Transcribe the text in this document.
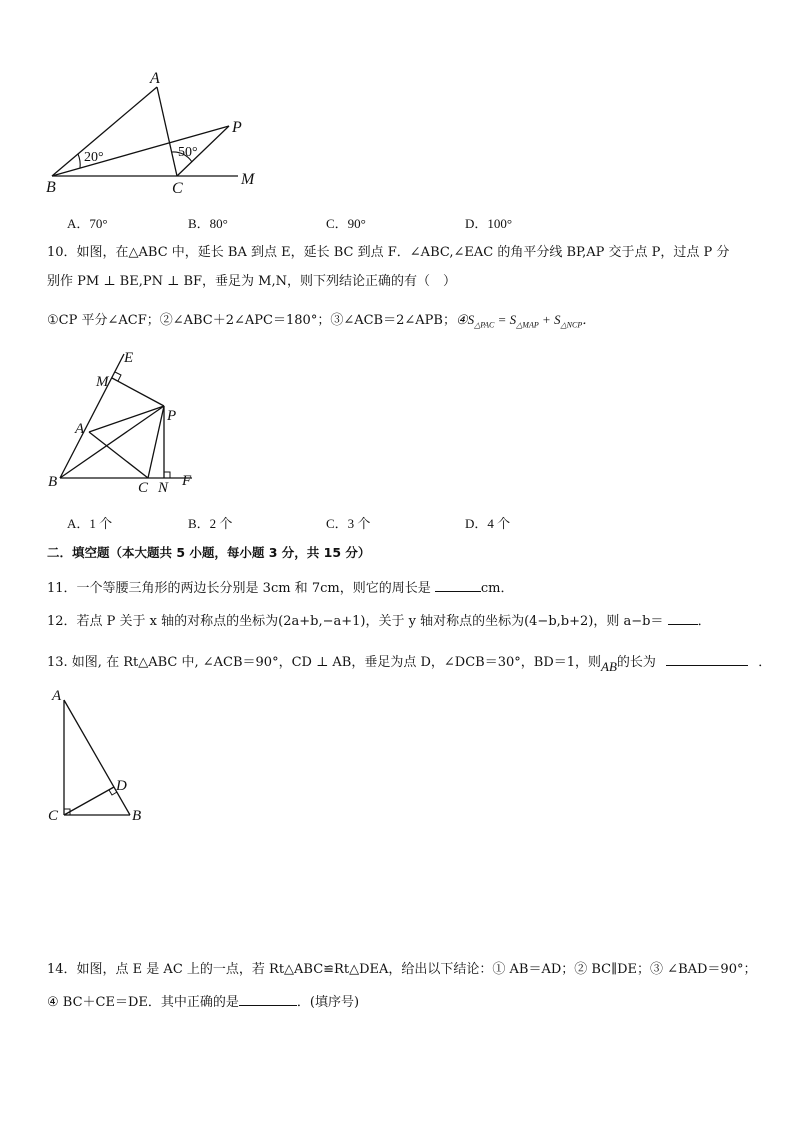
A
P
B	C
M
20°	50°
A．70°	B．80°	C．90°	D．100°
10．如图，在△ABC 中，延长 BA 到点 E，延长 BC 到点 F．∠ABC,∠EAC 的角平分线 BP,AP 交于点 P，过点 P 分
别作 PM ⊥ BE,PN ⊥ BF，垂足为 M,N，则下列结论正确的有（　）
①CP 平分∠ACF；②∠ABC＋2∠APC＝180°；③∠ACB＝2∠APB；$④S_{\triangle PAC} = S_{\triangle MAP} + S_{\triangle NCP}$．
E
M
P
A
B	C N F
A．1 个	B．2 个	C．3 个	D．4 个
二．填空题（本大题共 5 小题，每小题 3 分，共 15 分）
11．一个等腰三角形的两边长分别是 3cm 和 7cm，则它的周长是	cm．
12．若点 P 关于 x 轴的对称点的坐标为(2a+b,−a+1)，关于 y 轴对称点的坐标为(4−b,b+2)，则 a−b＝	．
13. 如图, 在 Rt△ABC 中, ∠ACB＝90°，CD ⊥ AB，垂足为点 D，∠DCB＝30°，BD＝1，则AB的长为	．
A
C	B
D
14．如图，点 E 是 AC 上的一点，若 Rt△ABC≌Rt△DEA，给出以下结论：① AB＝AD；② BC∥DE；③ ∠BAD＝90°；
④ BC＋CE＝DE．其中正确的是	．(填序号)
